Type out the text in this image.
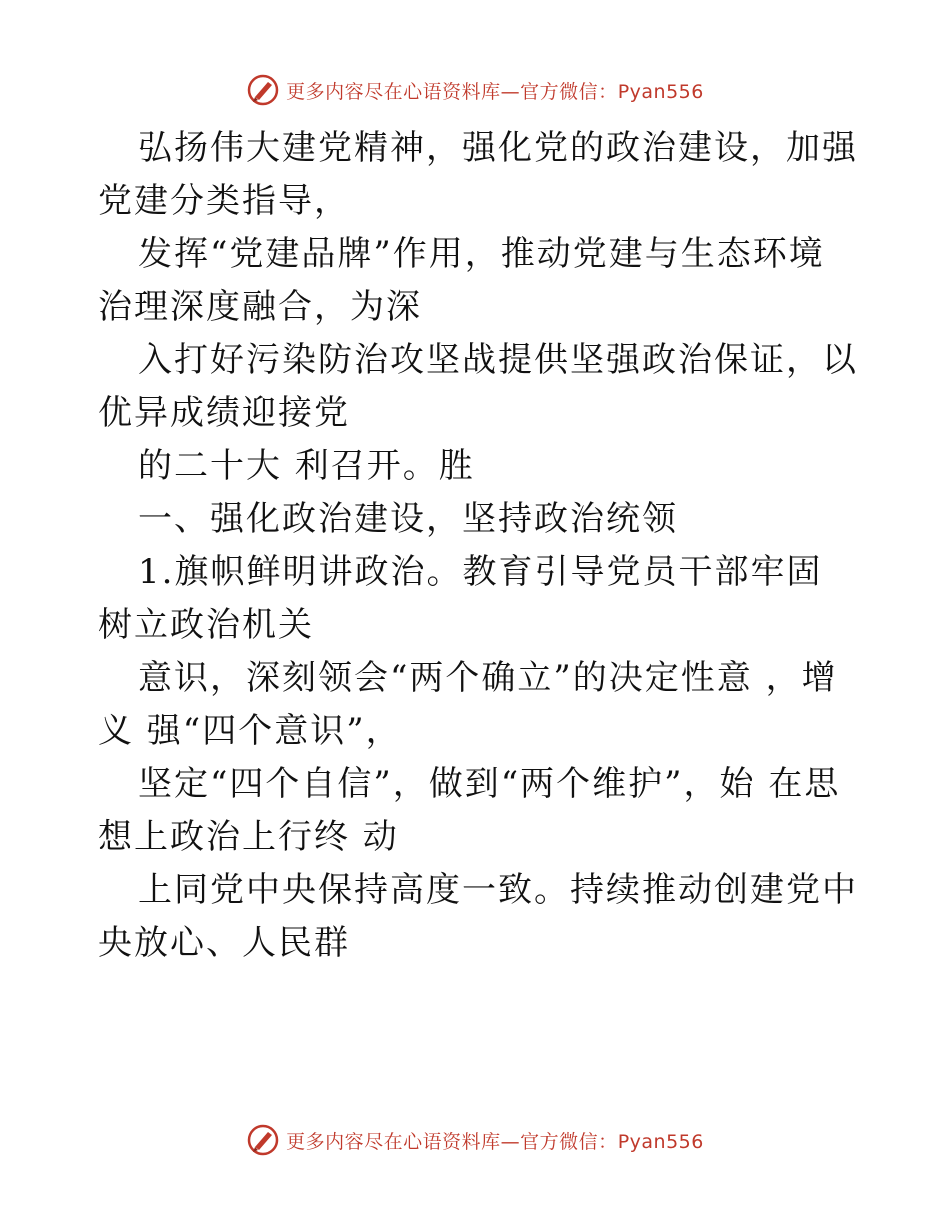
更多内容尽在心语资料库—官方微信：Pyan556

弘扬伟大建党精神，强化党的政治建设，加强党建分类指导，

发挥“党建品牌”作用，推动党建与生态环境治理深度融合，为深

入打好污染防治攻坚战提供坚强政治保证，以优异成绩迎接党

的二十大 利召开。胜

一、强化政治建设，坚持政治统领

1.旗帜鲜明讲政治。教育引导党员干部牢固树立政治机关

意识，深刻领会“两个确立”的决定性意 ，增义 强“四个意识”，

坚定“四个自信”，做到“两个维护”，始 在思想上政治上行终 动

上同党中央保持高度一致。持续推动创建党中央放心、人民群

更多内容尽在心语资料库—官方微信：Pyan556
